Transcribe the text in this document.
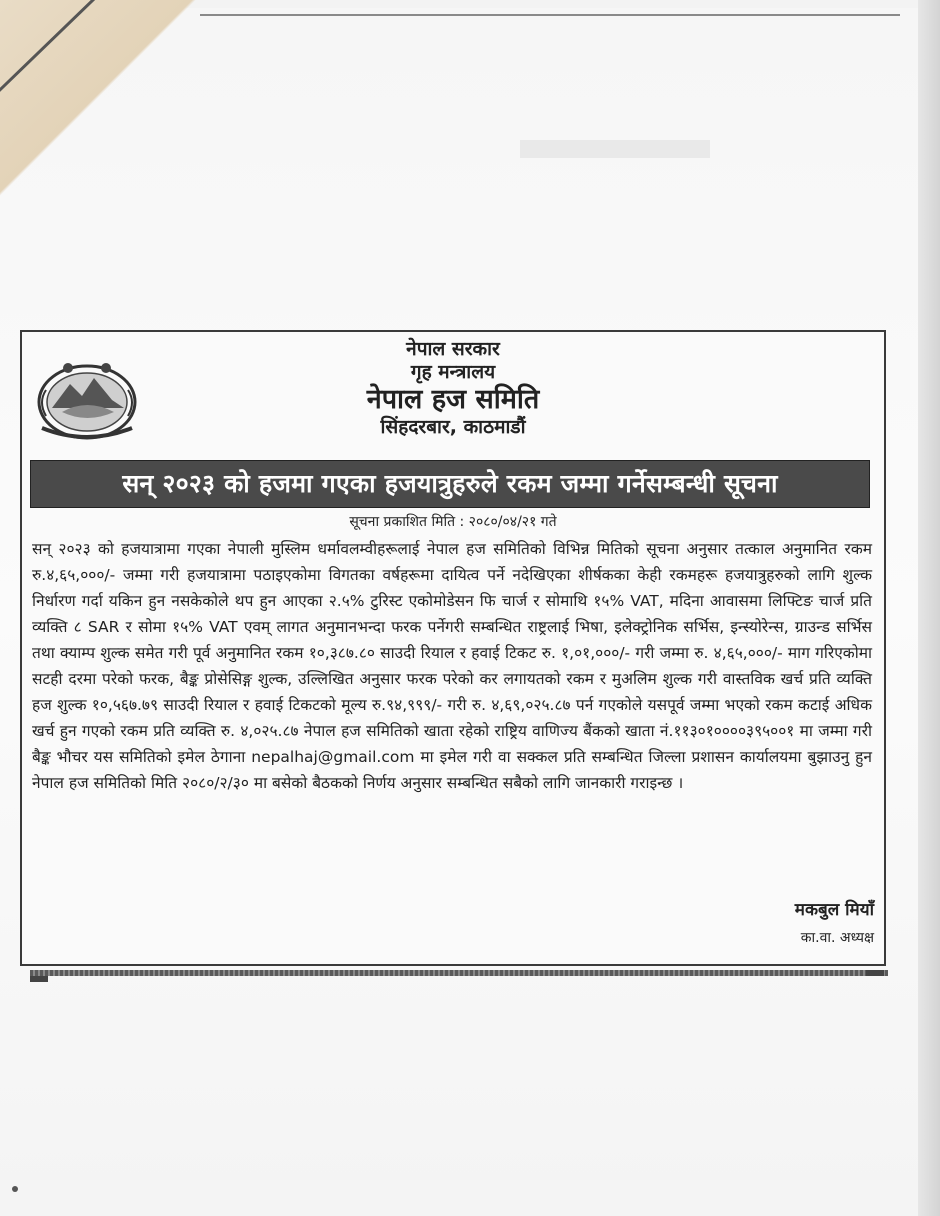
नेपाल सरकार
गृह मन्त्रालय
नेपाल हज समिति
सिंहदरबार, काठमाडौं
सन् २०२३ को हजमा गएका हजयात्रुहरुले रकम जम्मा गर्नेसम्बन्धी सूचना
सूचना प्रकाशित मिति : २०८०/०४/२१ गते
सन् २०२३ को हजयात्रामा गएका नेपाली मुस्लिम धर्मावलम्वीहरूलाई नेपाल हज समितिको विभिन्न मितिको सूचना अनुसार तत्काल अनुमानित रकम रु.४,६५,०००/- जम्मा गरी हजयात्रामा पठाइएकोमा विगतका वर्षहरूमा दायित्व पर्ने नदेखिएका शीर्षकका केही रकमहरू हजयात्रुहरुको लागि शुल्क निर्धारण गर्दा यकिन हुन नसकेकोले थप हुन आएका २.५% टुरिस्ट एकोमोडेसन फि चार्ज र सोमाथि १५% VAT, मदिना आवासमा लिफ्टिङ चार्ज प्रति व्यक्ति ८ SAR र सोमा १५% VAT एवम् लागत अनुमानभन्दा फरक पर्नेगरी सम्बन्धित राष्ट्रलाई भिषा, इलेक्ट्रोनिक सर्भिस, इन्स्योरेन्स, ग्राउन्ड सर्भिस तथा क्याम्प शुल्क समेत गरी पूर्व अनुमानित रकम १०,३८७.८० साउदी रियाल र हवाई टिकट रु. १,०१,०००/- गरी जम्मा रु. ४,६५,०००/- माग गरिएकोमा सटही दरमा परेको फरक, बैङ्क प्रोसेसिङ्ग शुल्क, उल्लिखित अनुसार फरक परेको कर लगायतको रकम र मुअलिम शुल्क गरी वास्तविक खर्च प्रति व्यक्ति हज शुल्क १०,५६७.७९ साउदी रियाल र हवाई टिकटको मूल्य रु.९४,९९९/- गरी रु. ४,६९,०२५.८७ पर्न गएकोले यसपूर्व जम्मा भएको रकम कटाई अधिक खर्च हुन गएको रकम प्रति व्यक्ति रु. ४,०२५.८७ नेपाल हज समितिको खाता रहेको राष्ट्रिय वाणिज्य बैंकको खाता नं.११३०१००००३९५००१ मा जम्मा गरी बैङ्क भौचर यस समितिको इमेल ठेगाना nepalhaj@gmail.com मा इमेल गरी वा सक्कल प्रति सम्बन्धित जिल्ला प्रशासन कार्यालयमा बुझाउनु हुन नेपाल हज समितिको मिति २०८०/२/३० मा बसेको बैठकको निर्णय अनुसार सम्बन्धित सबैको लागि जानकारी गराइन्छ ।
मकबुल मियाँ
का.वा. अध्यक्ष
